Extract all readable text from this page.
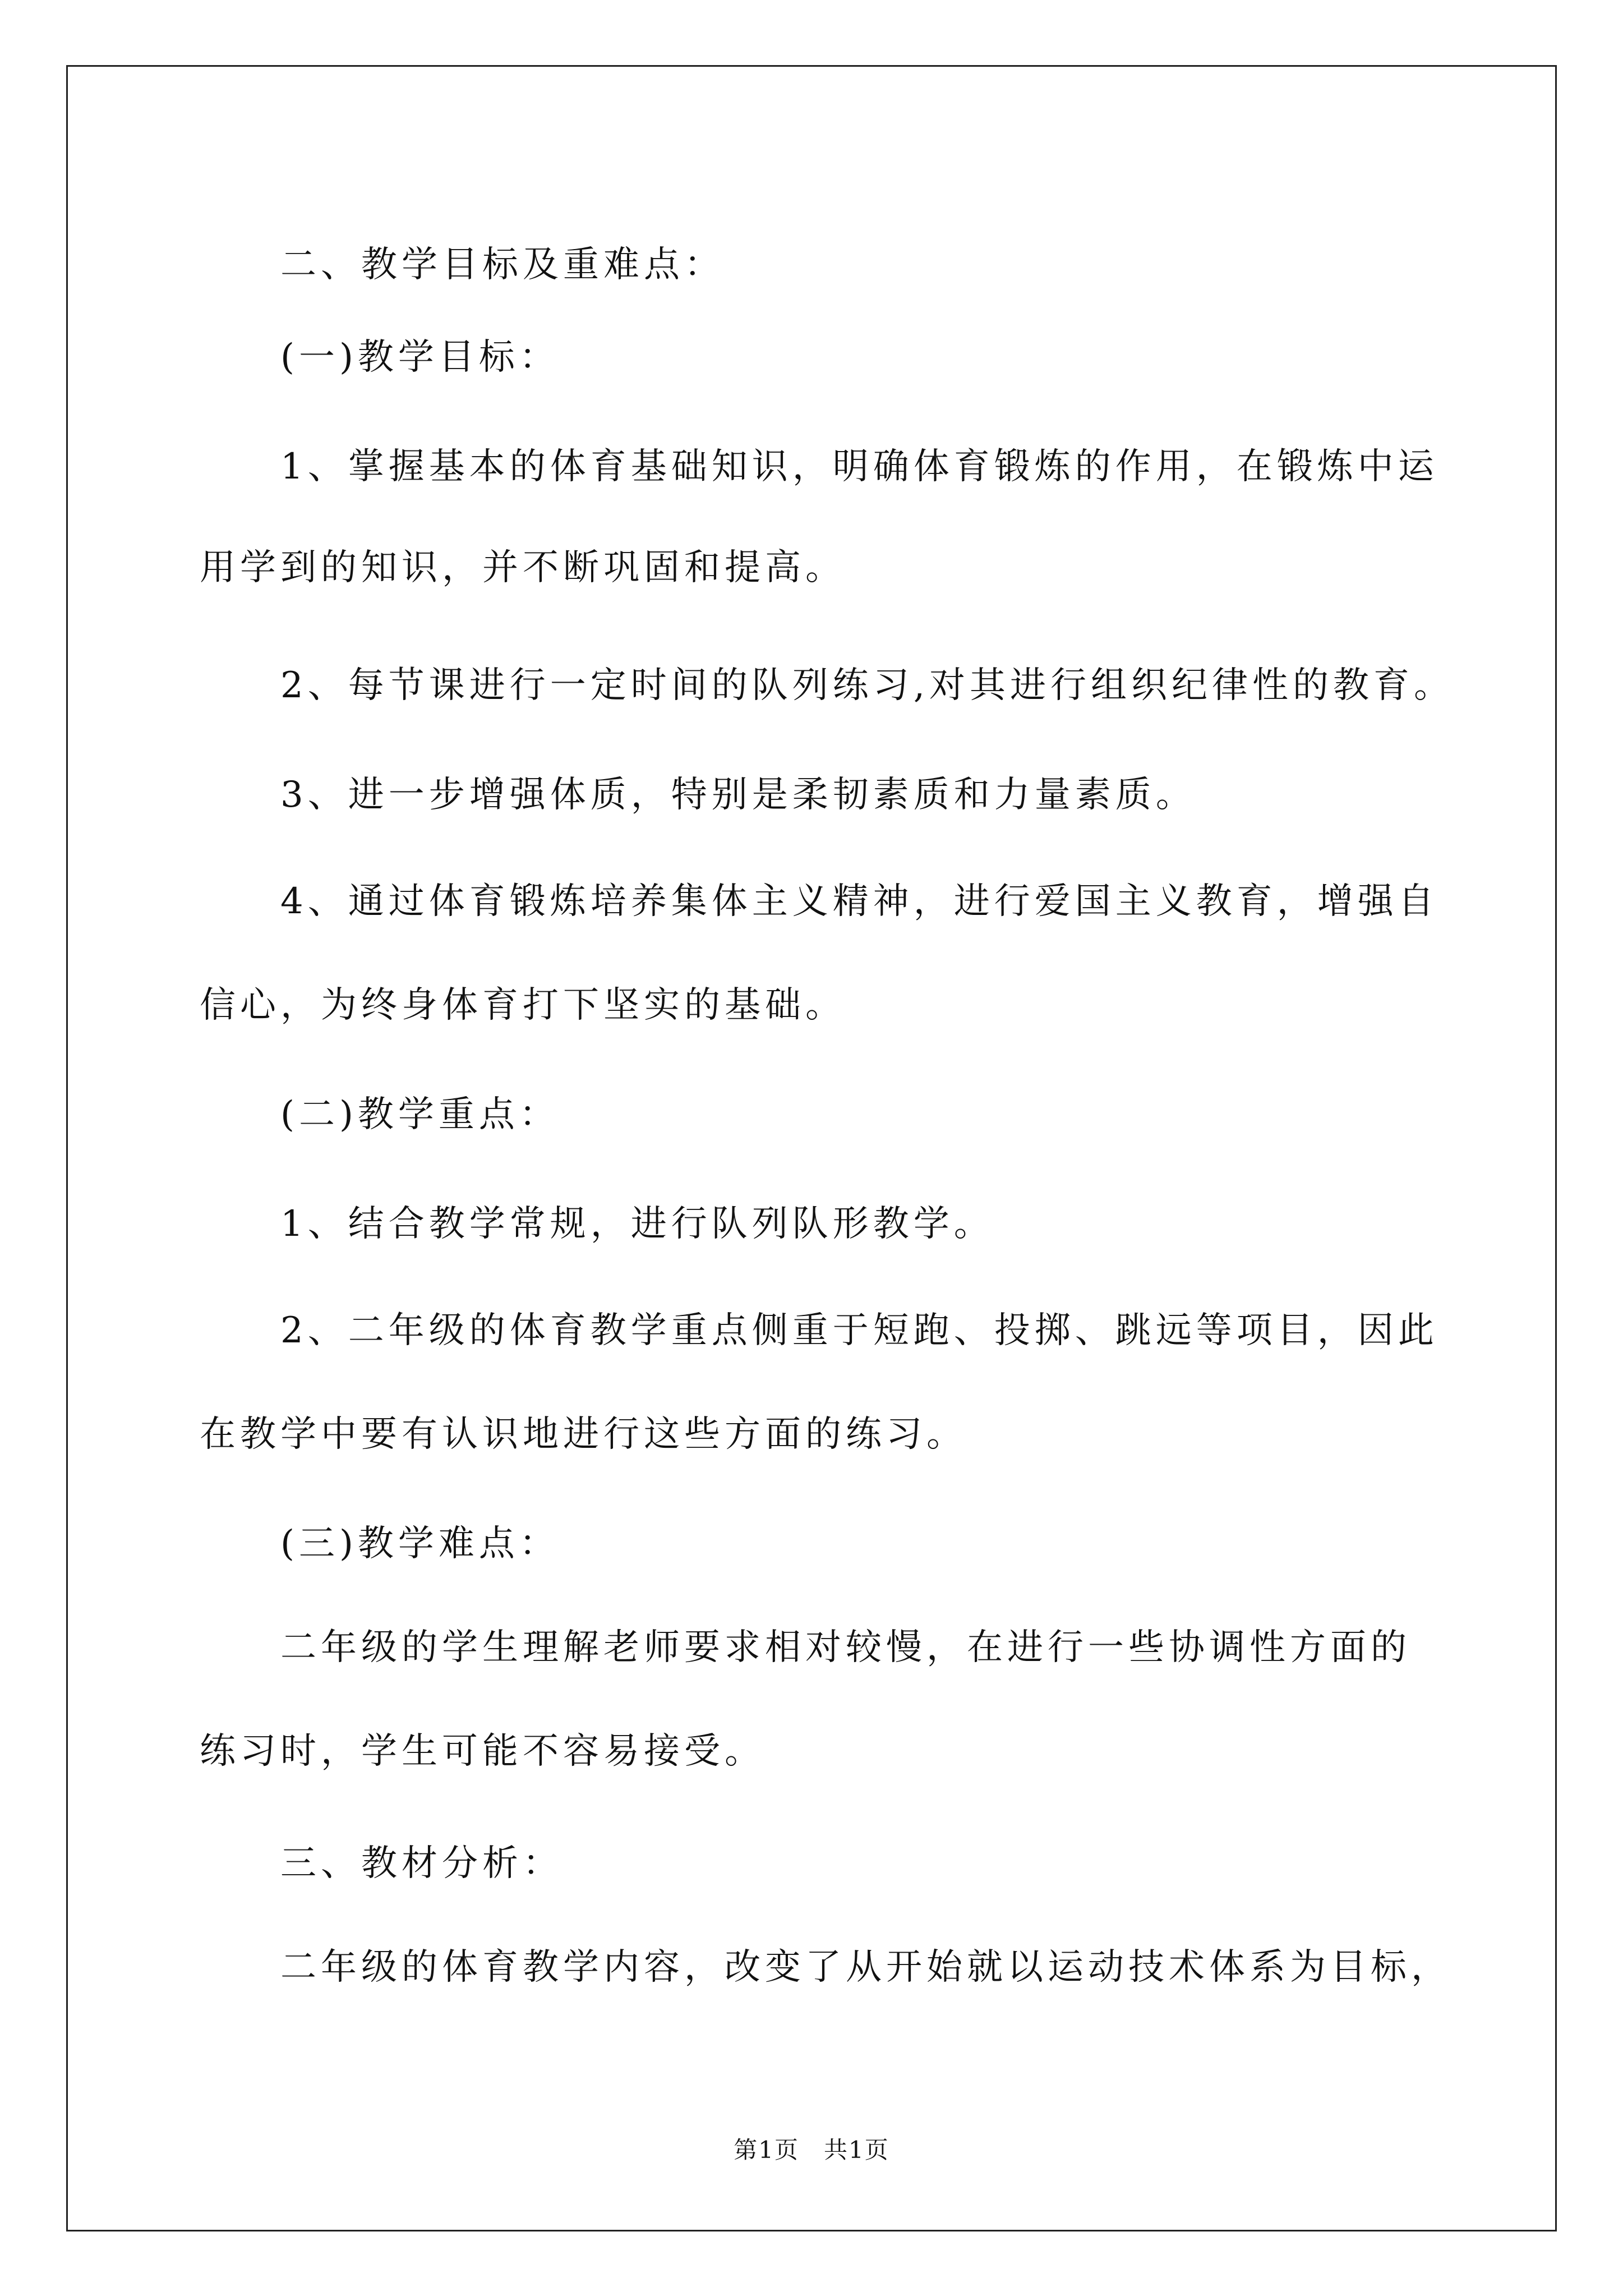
二、教学目标及重难点：

(一)教学目标：

1、掌握基本的体育基础知识，明确体育锻炼的作用，在锻炼中运

用学到的知识，并不断巩固和提高。

2、每节课进行一定时间的队列练习,对其进行组织纪律性的教育。

3、进一步增强体质，特别是柔韧素质和力量素质。

4、通过体育锻炼培养集体主义精神，进行爱国主义教育，增强自

信心，为终身体育打下坚实的基础。

(二)教学重点：

1、结合教学常规，进行队列队形教学。

2、二年级的体育教学重点侧重于短跑、投掷、跳远等项目，因此

在教学中要有认识地进行这些方面的练习。

(三)教学难点：

二年级的学生理解老师要求相对较慢，在进行一些协调性方面的

练习时，学生可能不容易接受。

三、教材分析：

二年级的体育教学内容，改变了从开始就以运动技术体系为目标，

第1页　共1页
